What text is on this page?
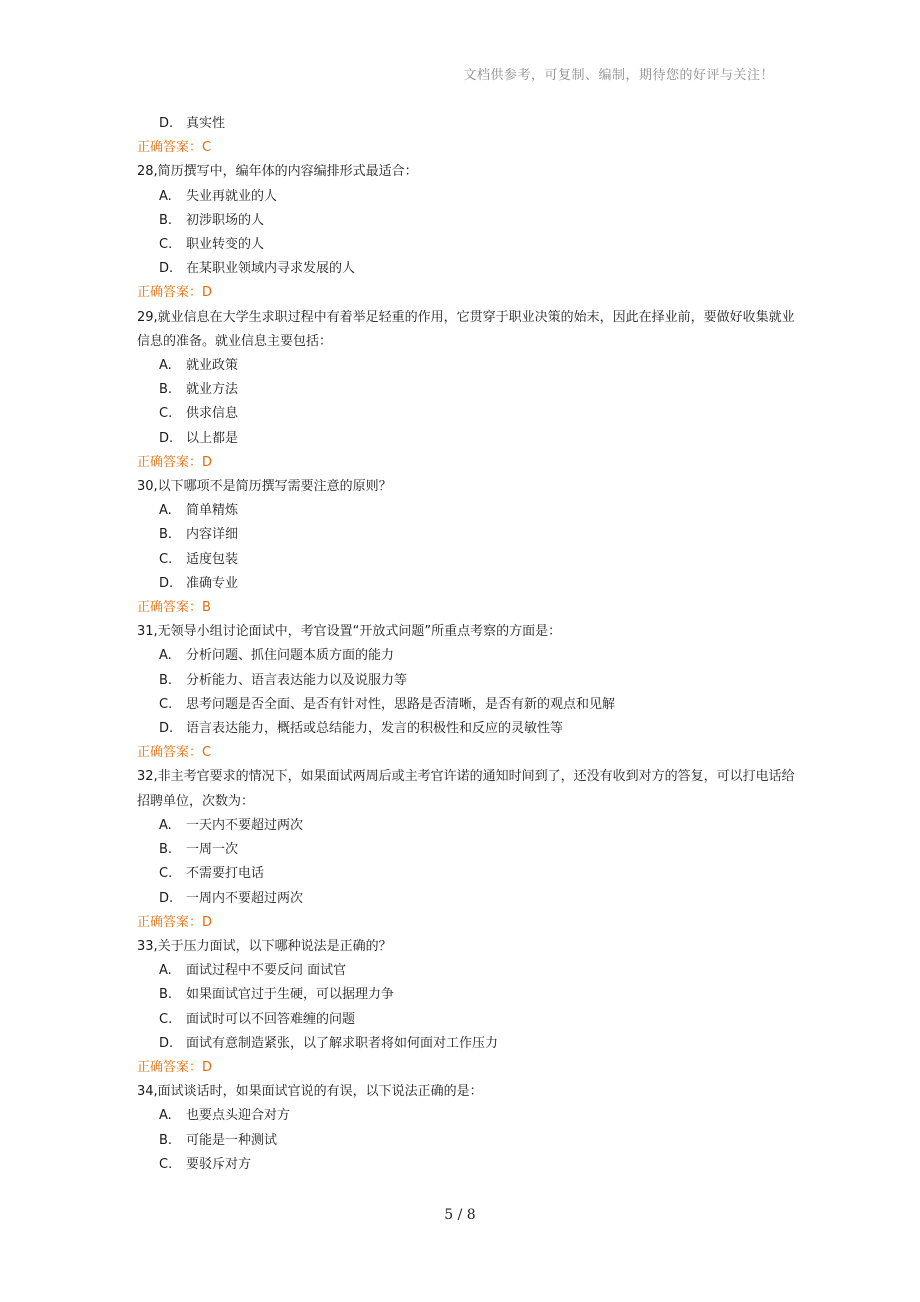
文档供参考，可复制、编制，期待您的好评与关注！
D. 真实性
正确答案：C
28,简历撰写中，编年体的内容编排形式最适合：
A. 失业再就业的人
B. 初涉职场的人
C. 职业转变的人
D. 在某职业领域内寻求发展的人
正确答案：D
29,就业信息在大学生求职过程中有着举足轻重的作用，它贯穿于职业决策的始末，因此在择业前，要做好收集就业信息的准备。就业信息主要包括：
A. 就业政策
B. 就业方法
C. 供求信息
D. 以上都是
正确答案：D
30,以下哪项不是简历撰写需要注意的原则？
A. 简单精炼
B. 内容详细
C. 适度包装
D. 准确专业
正确答案：B
31,无领导小组讨论面试中，考官设置“开放式问题”所重点考察的方面是：
A. 分析问题、抓住问题本质方面的能力
B. 分析能力、语言表达能力以及说服力等
C. 思考问题是否全面、是否有针对性，思路是否清晰，是否有新的观点和见解
D. 语言表达能力，概括或总结能力，发言的积极性和反应的灵敏性等
正确答案：C
32,非主考官要求的情况下，如果面试两周后或主考官许诺的通知时间到了，还没有收到对方的答复，可以打电话给招聘单位，次数为：
A. 一天内不要超过两次
B. 一周一次
C. 不需要打电话
D. 一周内不要超过两次
正确答案：D
33,关于压力面试，以下哪种说法是正确的？
A. 面试过程中不要反问 面试官
B. 如果面试官过于生硬，可以据理力争
C. 面试时可以不回答难缠的问题
D. 面试有意制造紧张，以了解求职者将如何面对工作压力
正确答案：D
34,面试谈话时，如果面试官说的有误，以下说法正确的是：
A. 也要点头迎合对方
B. 可能是一种测试
C. 要驳斥对方
5 / 8
